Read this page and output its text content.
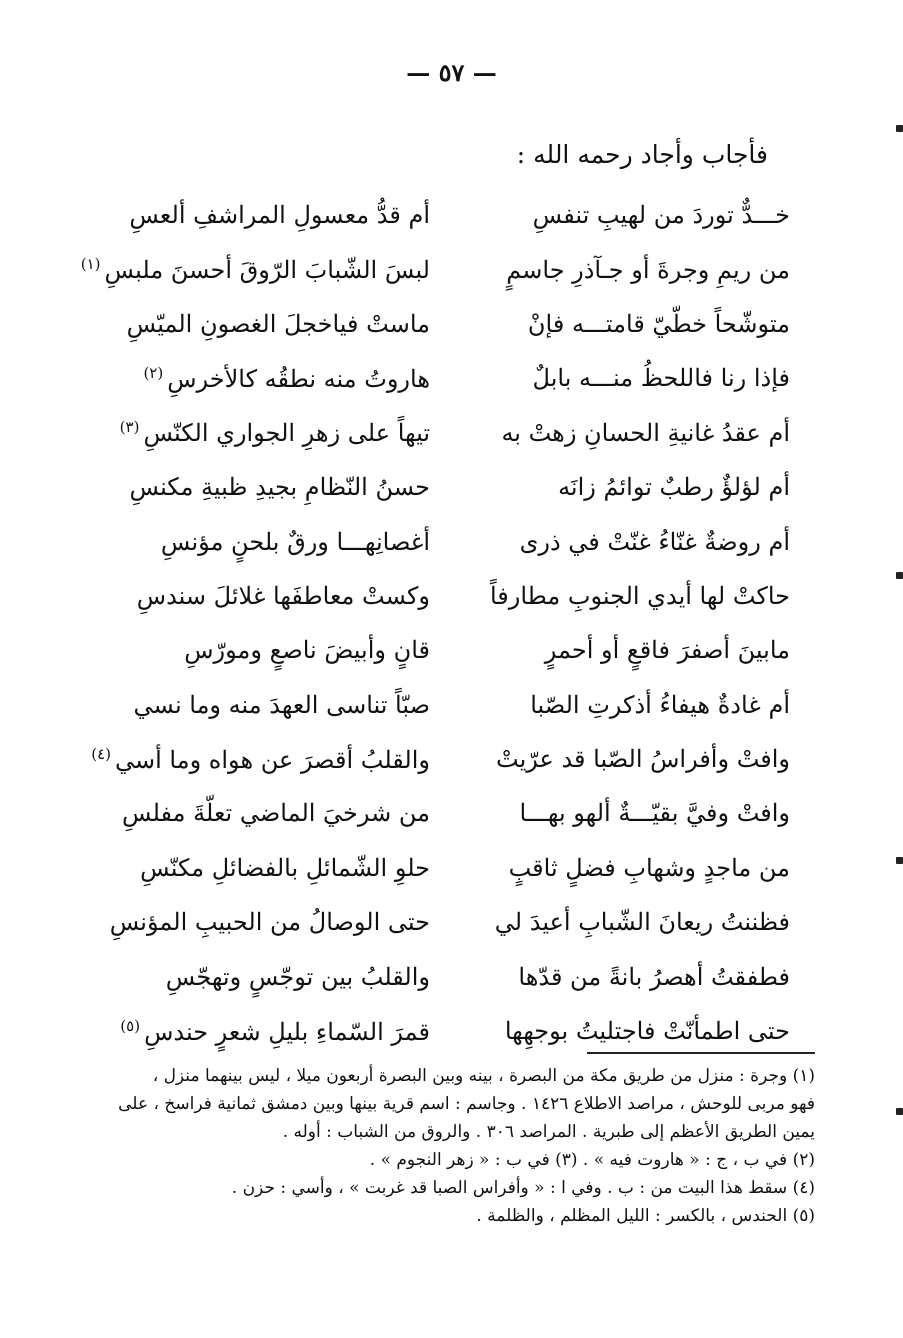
— ٥٧ —
فأجاب وأجاد رحمه الله :
خـــدٌّ توردَ من لهيبِ تنفسِ
أم قدُّ معسولِ المراشفِ ألعسِ
من ريمِ وجرةَ أو جـآذرِ جاسمٍ
لبسَ الشّبابَ الرّوقَ أحسنَ ملبسِ$^{(١)}$
متوشّحاً خطّيّ قامتـــه فإنْ
ماستْ فياخجلَ الغصونِ الميّسِ
فإذا رنا فاللحظُ منـــه بابلٌ
هاروتُ منه نطقُه كالأخرسِ$^{(٢)}$
أم عقدُ غانيةِ الحسانِ زهتْ به
تيهاً على زهرِ الجواري الكنّسِ$^{(٣)}$
أم لؤلؤٌ رطبٌ توائمُ زانَه
حسنُ النّظامِ بجيدِ ظبيةِ مكنسِ
أم روضةٌ غنّاءُ غنّتْ في ذرى
أغصانِهـــا ورقٌ بلحنٍ مؤنسِ
حاكتْ لها أيدي الجنوبِ مطارفاً
وكستْ معاطفَها غلائلَ سندسِ
مابينَ أصفرَ فاقعٍ أو أحمرٍ
قانٍ وأبيضَ ناصعٍ ومورّسِ
أم غادةٌ هيفاءُ أذكرتِ الصّبا
صبّاً تناسى العهدَ منه وما نسي
وافتْ وأفراسُ الصّبا قد عرّيتْ
والقلبُ أقصرَ عن هواه وما أسي$^{(٤)}$
وافتْ وفيَّ بقيّـــةٌ ألهو بهـــا
من شرخيَ الماضي تعلّةَ مفلسِ
من ماجدٍ وشهابِ فضلٍ ثاقبٍ
حلوِ الشّمائلِ بالفضائلِ مكنّسِ
فظننتُ ريعانَ الشّبابِ أعيدَ لي
حتى الوصالُ من الحبيبِ المؤنسِ
فطفقتُ أهصرُ بانةً من قدّها
والقلبُ بين توجّسٍ وتهجّسِ
حتى اطمأنّتْ فاجتليتُ بوجهِها
قمرَ السّماءِ بليلِ شعرٍ حندسِ$^{(٥)}$
(١) وجرة : منزل من طريق مكة من البصرة ، بينه وبين البصرة أربعون ميلا ، ليس بينهما منزل ،
فهو مربى للوحش ، مراصد الاطلاع ١٤٢٦ . وجاسم : اسم قرية بينها وبين دمشق ثمانية فراسخ ، على
يمين الطريق الأعظم إلى طبرية . المراصد ٣٠٦ . والروق من الشباب : أوله .
(٢) في ب ، ج : « هاروت فيه » . (٣) في ب : « زهر النجوم » .
(٤) سقط هذا البيت من : ب . وفي ا : « وأفراس الصبا قد غربت » ، وأسي : حزن .
(٥) الحندس ، بالكسر : الليل المظلم ، والظلمة .
